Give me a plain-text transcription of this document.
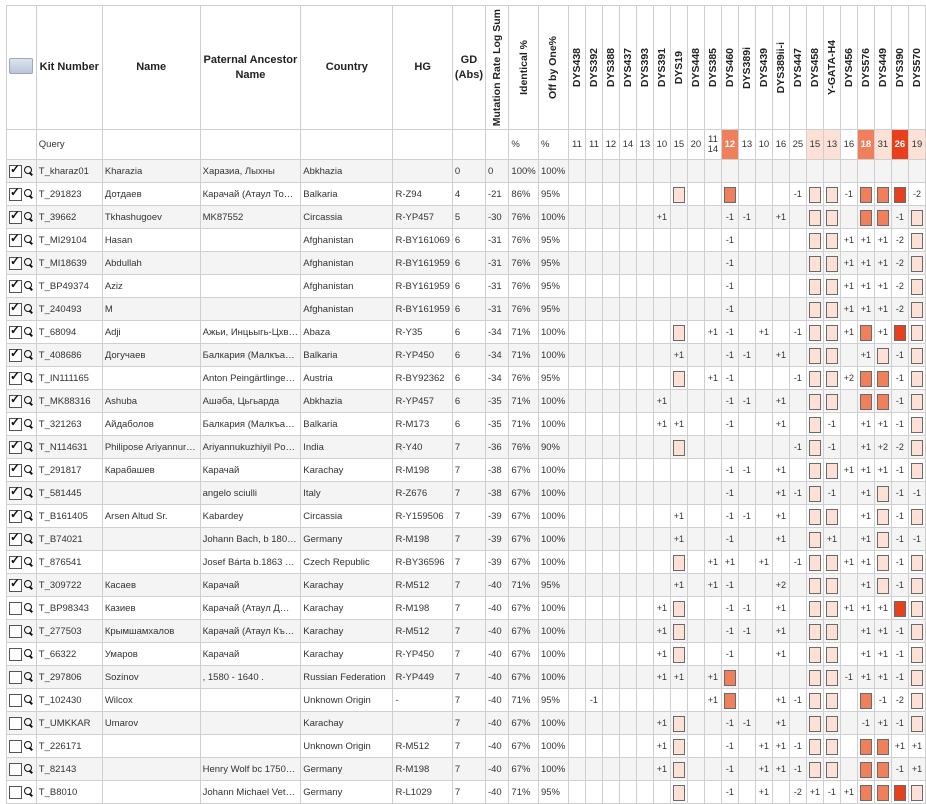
	Kit Number	Name	Paternal Ancestor Name	Country	HG	GD (Abs)	Mutation Rate Log Sum	Identical %	Off by One%	DYS438	DYS392	DYS388	DYS437	DYS393	DYS391	DYS19	DYS448	DYS385	DYS460	DYS389i	DYS439	DYS389ii-i	DYS447	DYS458	Y-GATA-H4	DYS456	DYS576	DYS449	DYS390	DYS570
	Query							%	%	11	11	12	14	13	10	15	20	11 14	12	13	10	16	25	15	13	16	18	31	26	19
✓	T_kharaz01	Kharazia	Харазиа, Лыхны	Abkhazia		0	0	100%	100%																					
✓	T_291823	Дотдаев	Карачай (Атаул То…	Balkaria	R-Z94	4	-21	86%	95%														-1			-1				-2
✓	T_39662	Tkhashugoev	MK87552	Circassia	R-YP457	5	-30	76%	100%						+1				-1	-1		+1							-1	

✓	T_MI29104	Hasan		Afghanistan	R-BY161069	6	-31	76%	95%										-1							+1	+1	+1	-2	

✓	T_MI18639	Abdullah		Afghanistan	R-BY161959	6	-31	76%	95%										-1							+1	+1	+1	-2	

✓	T_BP49374	Aziz		Afghanistan	R-BY161959	6	-31	76%	95%										-1							+1	+1	+1	-2	

✓	T_240493	M		Afghanistan	R-BY161959	6	-31	76%	95%										-1							+1	+1	+1	-2	

✓	T_68094	Adji	Ажьи, Инцьыгь-Цхв…	Abaza	R-Y35	6	-34	71%	100%									+1	-1		+1		-1			+1		+1	

✓	T_408686	Догучаев	Балкария (Малкъа…	Balkaria	R-YP450	6	-34	71%	100%							+1			-1	-1		+1					+1		-1	

✓	T_IN111165		Anton Peingärtlinge…	Austria	R-BY92362	6	-34	76%	95%									+1	-1				-1			+2			-1	

✓	T_MK88316	Ashuba	Ашәба, Цьгьарда	Abkhazia	R-YP457	6	-35	71%	100%						+1				-1	-1		+1							-1	

✓	T_321263	Айдаболов	Балкария (Малкъа…	Balkaria	R-M173	6	-35	71%	100%						+1	+1			-1			+1			-1		+1	+1	-1	

✓	T_N114631	Philipose Ariyannur…	Ariyannukuzhiyil Po…	India	R-Y40	7	-36	76%	90%														-1		-1		+1	+2	-2	

✓	T_291817	Карабашев	Карачай	Karachay	R-M198	7	-38	67%	100%										-1	-1		+1				+1	+1	+1	-1	

✓	T_581445		angelo sciulli	Italy	R-Z676	7	-38	67%	100%										-1			+1	-1		-1		+1		-1	-1
✓	T_B161405	Arsen Altud Sr.	Kabardey	Circassia	R-Y159506	7	-39	67%	100%							+1			-1	-1		+1					+1		-1	

✓	T_B74021		Johann Bach, b 180…	Germany	R-M198	7	-39	67%	100%							+1			-1			+1			+1		+1		-1	-1
✓	T_876541		Josef Bárta b.1863 …	Czech Republic	R-BY36596	7	-39	67%	100%									+1	+1		+1		-1			+1	+1		-1	

✓	T_309722	Касаев	Карачай	Karachay	R-M512	7	-40	71%	95%							+1		+1	-1			+2					+1		-1	

	T_BP98343	Казиев	Карачай (Атаул Д…	Karachay	R-M198	7	-40	67%	100%						+1				-1	-1		+1				+1	+1	+1	

	T_277503	Крымшамхалов	Карачай (Атаул Къ…	Karachay	R-M512	7	-40	67%	100%						+1				-1	-1		+1					+1	+1	-1	

	T_66322	Умаров	Карачай	Karachay	R-YP450	7	-40	67%	100%						+1				-1			+1					+1	+1	-1	

	T_297806	Sozinov	, 1580 - 1640 .	Russian Federation	R-YP449	7	-40	67%	100%						+1	+1		+1								-1	+1	+1	-1	

	T_102430	Wilcox		Unknown Origin	-	7	-40	71%	95%		-1							+1				+1	-1					-1	-2	

	T_UMKKAR	Umarov		Karachay		7	-40	67%	100%						+1				-1	-1		+1					-1	+1	-1	

	T_226171			Unknown Origin	R-M512	7	-40	67%	100%						+1				-1		+1	+1	-1						+1	+1
	T_82143		Henry Wolf bc 1750…	Germany	R-M198	7	-40	67%	100%						+1				-1		+1	+1	-1						-1	+1
	T_B8010		Johann Michael Vet…	Germany	R-L1029	7	-40	71%	95%										-1		+1		-2	+1	-1	+1	
